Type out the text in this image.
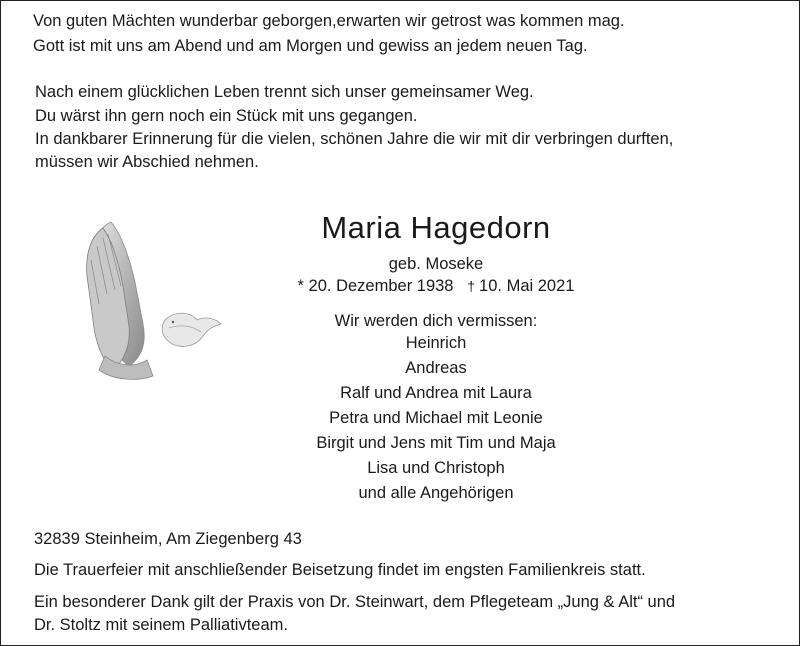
Von guten Mächten wunderbar geborgen,erwarten wir getrost was kommen mag.
Gott ist mit uns am Abend und am Morgen und gewiss an jedem neuen Tag.
Nach einem glücklichen Leben trennt sich unser gemeinsamer Weg.
Du wärst ihn gern noch ein Stück mit uns gegangen.
In dankbarer Erinnerung für die vielen, schönen Jahre die wir mit dir verbringen durften,
müssen wir Abschied nehmen.
Maria Hagedorn
geb. Moseke
* 20. Dezember 1938 † 10. Mai 2021
Wir werden dich vermissen:
Heinrich
Andreas
Ralf und Andrea mit Laura
Petra und Michael mit Leonie
Birgit und Jens mit Tim und Maja
Lisa und Christoph
und alle Angehörigen
32839 Steinheim, Am Ziegenberg 43
Die Trauerfeier mit anschließender Beisetzung findet im engsten Familienkreis statt.
Ein besonderer Dank gilt der Praxis von Dr. Steinwart, dem Pflegeteam „Jung & Alt“ und
Dr. Stoltz mit seinem Palliativteam.
